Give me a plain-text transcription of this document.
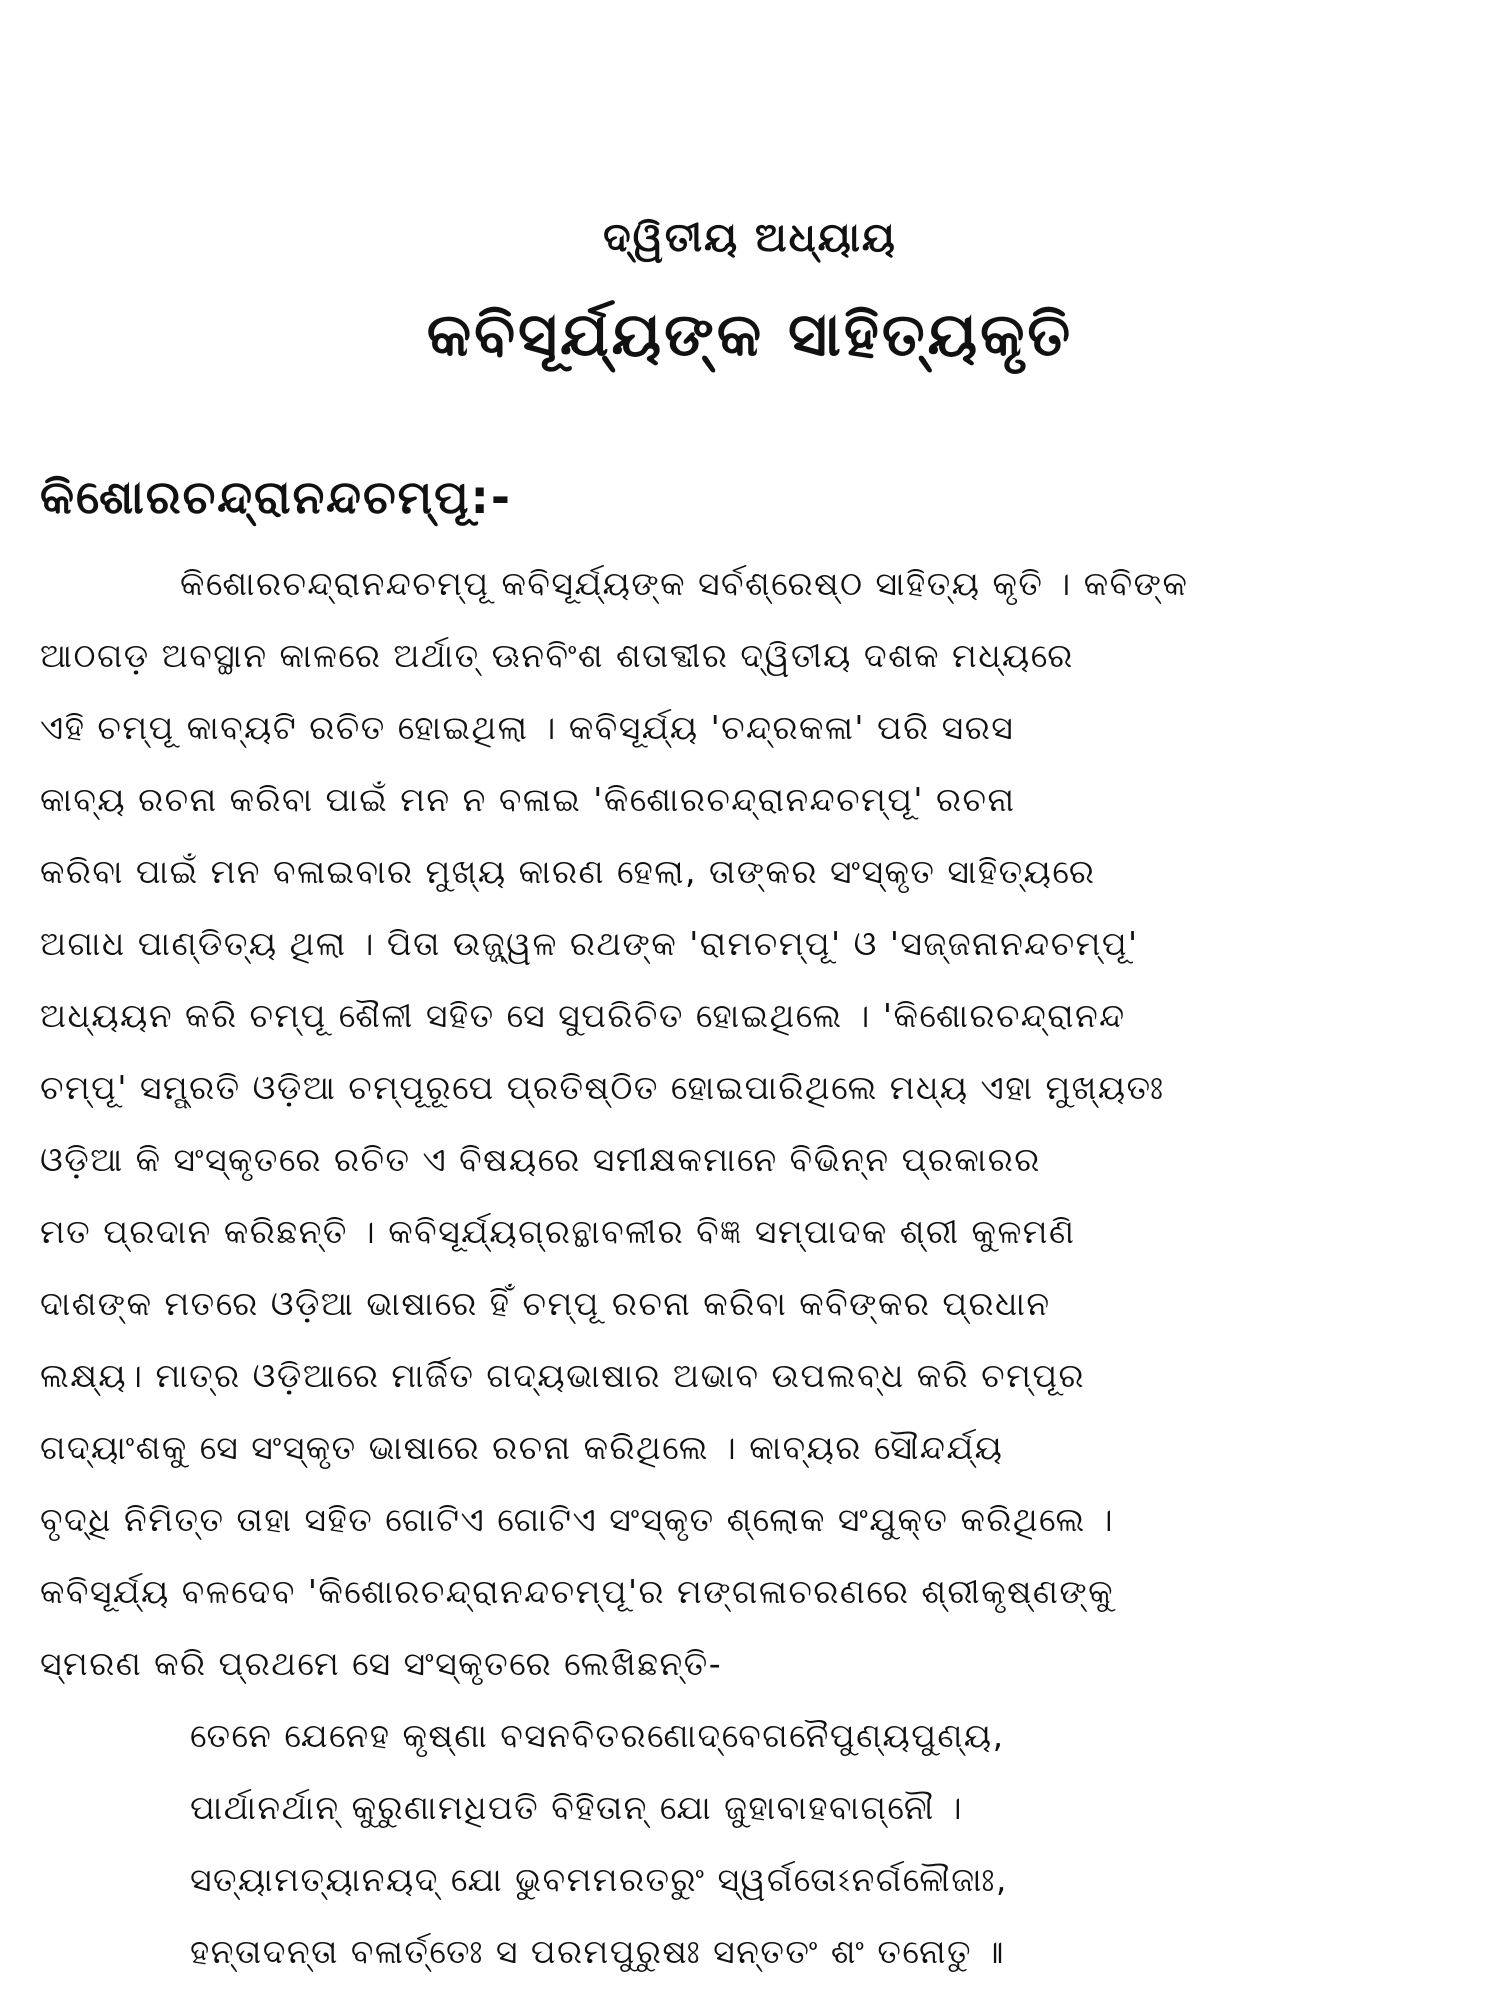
ଦ୍ୱିତୀୟ ଅଧ୍ୟାୟ
କବିସୂର୍ଯ୍ୟଙ୍କ ସାହିତ୍ୟକୃତି
କିଶୋରଚନ୍ଦ୍ରାନନ୍ଦଚମ୍ପୂ:-
କିଶୋରଚନ୍ଦ୍ରାନନ୍ଦଚମ୍ପୂ କବିସୂର୍ଯ୍ୟଙ୍କ ସର୍ବଶ୍ରେଷ୍ଠ ସାହିତ୍ୟ କୃତି । କବିଙ୍କ
ଆଠଗଡ଼ ଅବସ୍ଥାନ କାଳରେ ଅର୍ଥାତ୍ ଊନବିଂଶ ଶତାବ୍ଦୀର ଦ୍ୱିତୀୟ ଦଶକ ମଧ୍ୟରେ
ଏହି ଚମ୍ପୂ କାବ୍ୟଟି ରଚିତ ହୋଇଥିଲା । କବିସୂର୍ଯ୍ୟ 'ଚନ୍ଦ୍ରକଳା' ପରି ସରସ
କାବ୍ୟ ରଚନା କରିବା ପାଇଁ ମନ ନ ବଳାଇ 'କିଶୋରଚନ୍ଦ୍ରାନନ୍ଦଚମ୍ପୂ' ରଚନା
କରିବା ପାଇଁ ମନ ବଳାଇବାର ମୁଖ୍ୟ କାରଣ ହେଲା, ତାଙ୍କର ସଂସ୍କୃତ ସାହିତ୍ୟରେ
ଅଗାଧ ପାଣ୍ଡିତ୍ୟ ଥିଲା । ପିତା ଉଜ୍ଜ୍ୱଳ ରଥଙ୍କ 'ରାମଚମ୍ପୂ' ଓ 'ସଜ୍ଜନାନନ୍ଦଚମ୍ପୂ'
ଅଧ୍ୟୟନ କରି ଚମ୍ପୂ ଶୈଳୀ ସହିତ ସେ ସୁପରିଚିତ ହୋଇଥିଲେ । 'କିଶୋରଚନ୍ଦ୍ରାନନ୍ଦ
ଚମ୍ପୂ' ସମ୍ପ୍ରତି ଓଡ଼ିଆ ଚମ୍ପୂରୂପେ ପ୍ରତିଷ୍ଠିତ ହୋଇପାରିଥିଲେ ମଧ୍ୟ ଏହା ମୁଖ୍ୟତଃ
ଓଡ଼ିଆ କି ସଂସ୍କୃତରେ ରଚିତ ଏ ବିଷୟରେ ସମୀକ୍ଷକମାନେ ବିଭିନ୍ନ ପ୍ରକାରର
ମତ ପ୍ରଦାନ କରିଛନ୍ତି । କବିସୂର୍ଯ୍ୟଗ୍ରନ୍ଥାବଳୀର ବିଜ୍ଞ ସମ୍ପାଦକ ଶ୍ରୀ କୁଳମଣି
ଦାଶଙ୍କ ମତରେ ଓଡ଼ିଆ ଭାଷାରେ ହିଁ ଚମ୍ପୂ ରଚନା କରିବା କବିଙ୍କର ପ୍ରଧାନ
ଲକ୍ଷ୍ୟ। ମାତ୍ର ଓଡ଼ିଆରେ ମାର୍ଜିତ ଗଦ୍ୟଭାଷାର ଅଭାବ ଉପଲବ୍ଧ କରି ଚମ୍ପୂର
ଗଦ୍ୟାଂଶକୁ ସେ ସଂସ୍କୃତ ଭାଷାରେ ରଚନା କରିଥିଲେ । କାବ୍ୟର ସୌନ୍ଦର୍ଯ୍ୟ
ବୃଦ୍ଧି ନିମିତ୍ତ ତାହା ସହିତ ଗୋଟିଏ ଗୋଟିଏ ସଂସ୍କୃତ ଶ୍ଲୋକ ସଂଯୁକ୍ତ କରିଥିଲେ ।
କବିସୂର୍ଯ୍ୟ ବଳଦେବ 'କିଶୋରଚନ୍ଦ୍ରାନନ୍ଦଚମ୍ପୂ'ର ମଙ୍ଗଳାଚରଣରେ ଶ୍ରୀକୃଷ୍ଣଙ୍କୁ
ସ୍ମରଣ କରି ପ୍ରଥମେ ସେ ସଂସ୍କୃତରେ ଲେଖିଛନ୍ତି-
ତେନେ ଯେନେହ କୃଷ୍ଣା ବସନବିତରଣୋଦ୍‌ବେଗନୈପୁଣ୍ୟପୁଣ୍ୟ,
ପାର୍ଥାନର୍ଥାନ୍ କୁରୁଣାମଧିପତି ବିହିତାନ୍ ଯୋ ଜୁହାବାହବାଗ୍ନୌ ।
ସତ୍ୟାମତ୍ୟାନୟଦ୍ ଯୋ ଭୁବମମରତରୁଂ ସ୍ୱର୍ଗତୋଽନର୍ଗଳୌଜାଃ,
ହନ୍ତାଦନ୍ତା ବଳାର୍ତ୍ତେଃ ସ ପରମପୁରୁଷଃ ସନ୍ତତଂ ଶଂ ତନୋତୁ ॥
